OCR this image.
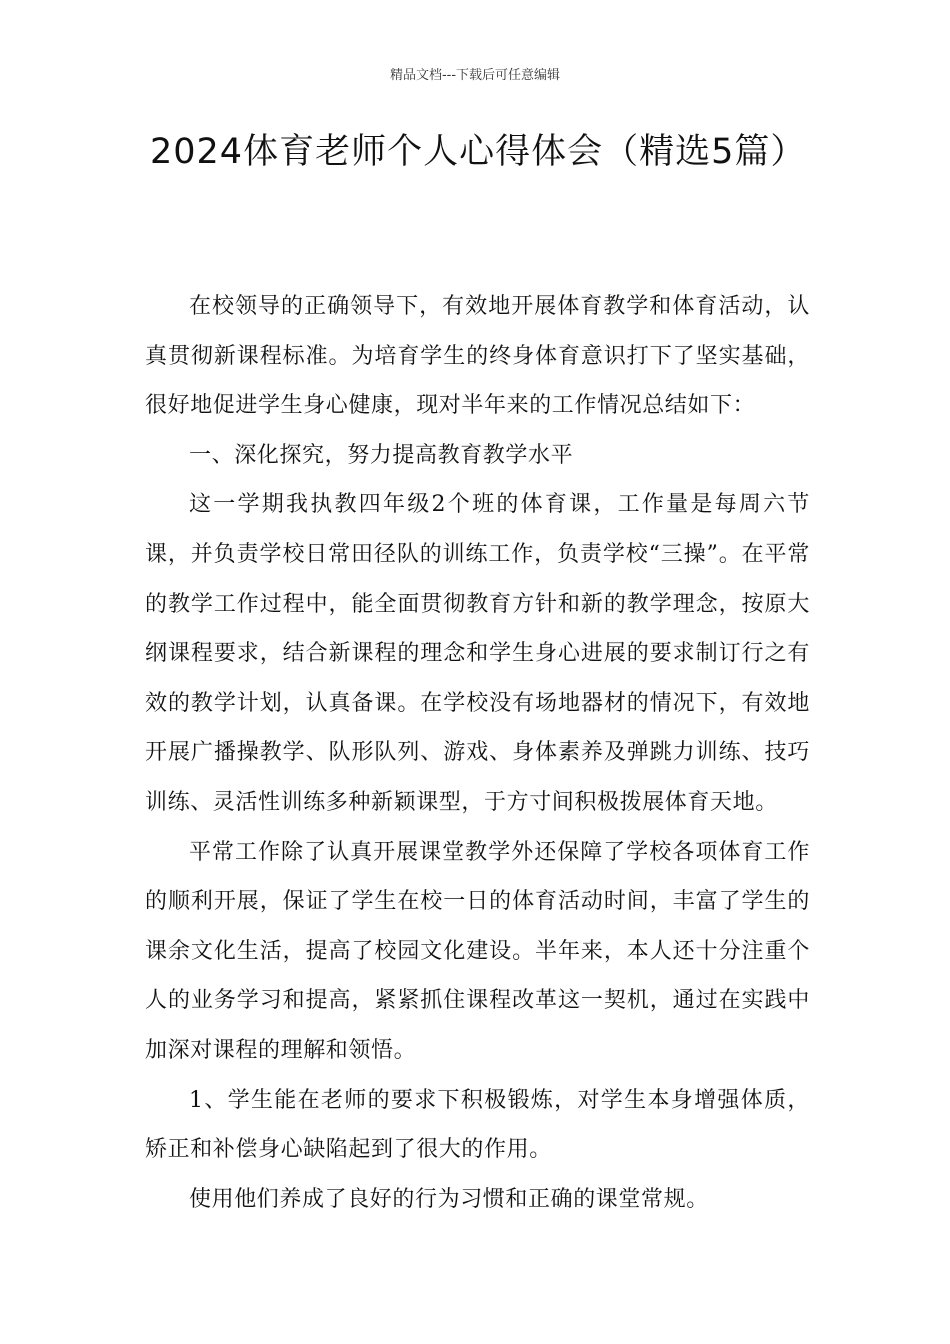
精品文档---下载后可任意编辑
2024体育老师个人心得体会（精选5篇）

在校领导的正确领导下，有效地开展体育教学和体育活动，认真贯彻新课程标准。为培育学生的终身体育意识打下了坚实基础，很好地促进学生身心健康，现对半年来的工作情况总结如下：

一、深化探究，努力提高教育教学水平

这一学期我执教四年级2个班的体育课，工作量是每周六节课，并负责学校日常田径队的训练工作，负责学校“三操”。在平常的教学工作过程中，能全面贯彻教育方针和新的教学理念，按原大纲课程要求，结合新课程的理念和学生身心进展的要求制订行之有效的教学计划，认真备课。在学校没有场地器材的情况下，有效地开展广播操教学、队形队列、游戏、身体素养及弹跳力训练、技巧训练、灵活性训练多种新颖课型，于方寸间积极拨展体育天地。

平常工作除了认真开展课堂教学外还保障了学校各项体育工作的顺利开展，保证了学生在校一日的体育活动时间，丰富了学生的课余文化生活，提高了校园文化建设。半年来，本人还十分注重个人的业务学习和提高，紧紧抓住课程改革这一契机，通过在实践中加深对课程的理解和领悟。

1、学生能在老师的要求下积极锻炼，对学生本身增强体质，矫正和补偿身心缺陷起到了很大的作用。

使用他们养成了良好的行为习惯和正确的课堂常规。
